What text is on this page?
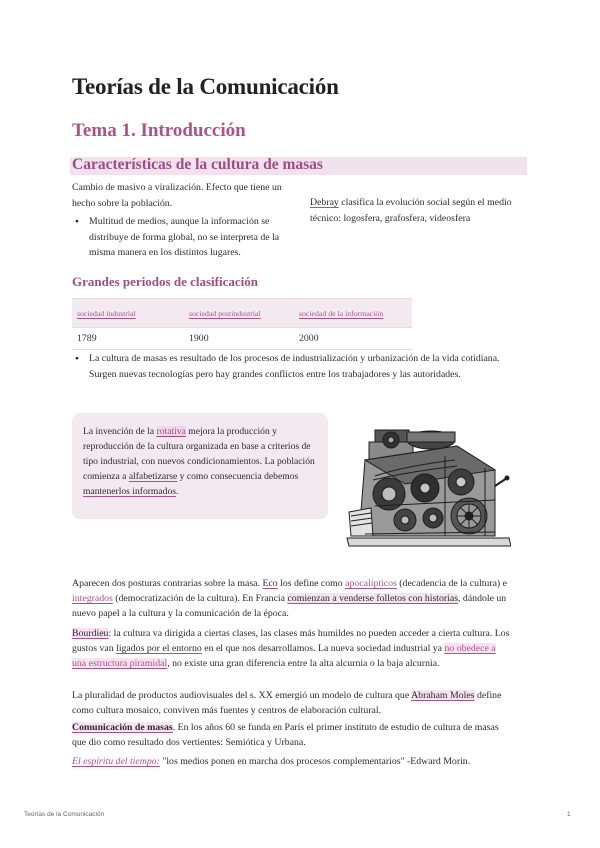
Teorías de la Comunicación
Tema 1. Introducción
Características de la cultura de masas
Cambio de masivo a viralización. Efecto que tiene un hecho sobre la población.
● Multitud de medios, aunque la información se distribuye de forma global, no se interpreta de la misma manera en los distintos lugares.
Debray clasifica la evolución social según el medio técnico: logosfera, grafosfera, videosfera
Grandes periodos de clasificación
sociedad industrial	sociedad postindustrial	sociedad de la información
1789	1900	2000
● La cultura de masas es resultado de los procesos de industrialización y urbanización de la vida cotidiana. Surgen nuevas tecnologías pero hay grandes conflictos entre los trabajadores y las autoridades.
La invención de la rotativa mejora la producción y reproducción de la cultura organizada en base a criterios de tipo industrial, con nuevos condicionamientos. La población comienza a alfabetizarse y como consecuencia debemos mantenerlos informados.
Aparecen dos posturas contrarias sobre la masa. Eco los define como apocalípticos (decadencia de la cultura) e integrados (democratización de la cultura). En Francia comienzan a venderse folletos con historias, dándole un nuevo papel a la cultura y la comunicación de la época.
Bourdieu: la cultura va dirigida a ciertas clases, las clases más humildes no pueden acceder a cierta cultura. Los gustos van ligados por el entorno en el que nos desarrollamos. La nueva sociedad industrial ya no obedece a una estructura piramidal, no existe una gran diferencia entre la alta alcurnia o la baja alcurnia.
La pluralidad de productos audiovisuales del s. XX emergió un modelo de cultura que Abraham Moles define como cultura mosaico, conviven más fuentes y centros de elaboración cultural.
Comunicación de masas. En los años 60 se funda en París el primer instituto de estudio de cultura de masas que dio como resultado dos vertientes: Semiótica y Urbana.
El espíritu del tiempo: "los medios ponen en marcha dos procesos complementarios" -Edward Morin.
Teorías de la Comunicación	1
